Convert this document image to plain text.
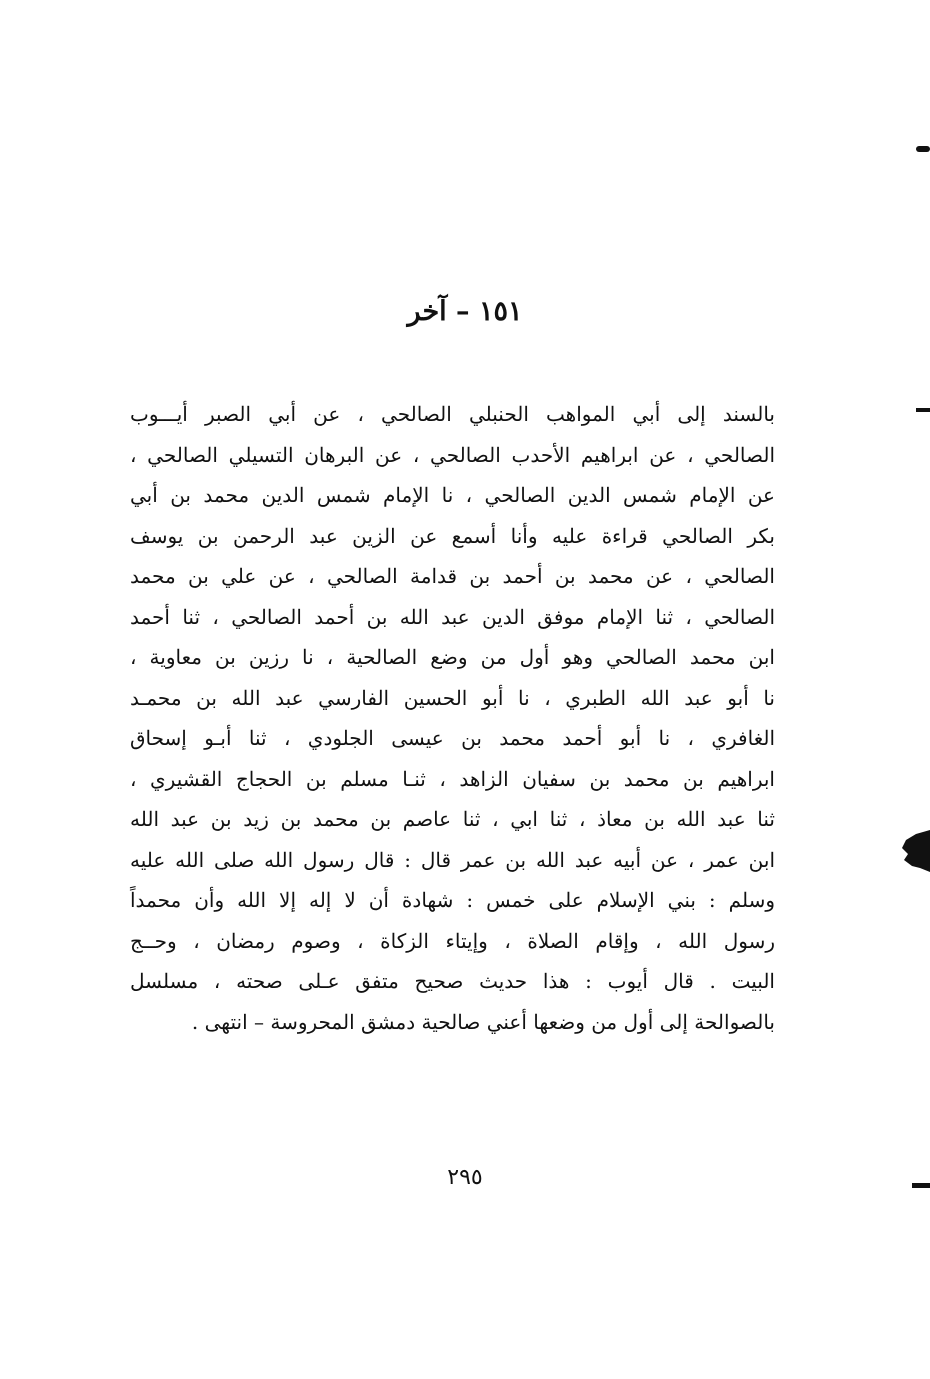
١٥١ – آخر
بالسند إلى أبي المواهب الحنبلي الصالحي ، عن أبي الصبر أيـــوب
الصالحي ، عن ابراهيم الأحدب الصالحي ، عن البرهان التسيلي الصالحي ،
عن الإمام شمس الدين الصالحي ، نا الإمام شمس الدين محمد بن أبي
بكر الصالحي قراءة عليه وأنا أسمع عن الزين عبد الرحمن بن يوسف
الصالحي ، عن محمد بن أحمد بن قدامة الصالحي ، عن علي بن محمد
الصالحي ، ثنا الإمام موفق الدين عبد الله بن أحمد الصالحي ، ثنا أحمد
ابن محمد الصالحي وهو أول من وضع الصالحية ، نا رزين بن معاوية ،
نا أبو عبد الله الطبري ، نا أبو الحسين الفارسي عبد الله بن محمـد
الغافري ، نا أبو أحمد محمد بن عيسى الجلودي ، ثنا أبـو إسحاق
ابراهيم بن محمد بن سفيان الزاهد ، ثنـا مسلم بن الحجاج القشيري ،
ثنا عبد الله بن معاذ ، ثنا ابي ، ثنا عاصم بن محمد بن زيد بن عبد الله
ابن عمر ، عن أبيه عبد الله بن عمر قال : قال رسول الله صلى الله عليه
وسلم : بني الإسلام على خمس : شهادة أن لا إله إلا الله وأن محمداً
رسول الله ، وإقام الصلاة ، وإيتاء الزكاة ، وصوم رمضان ، وحــج
البيت . قال أيوب : هذا حديث صحيح متفق عـلى صحته ، مسلسل
بالصوالحة إلى أول من وضعها أعني صالحية دمشق المحروسة – انتهى .
٢٩٥
